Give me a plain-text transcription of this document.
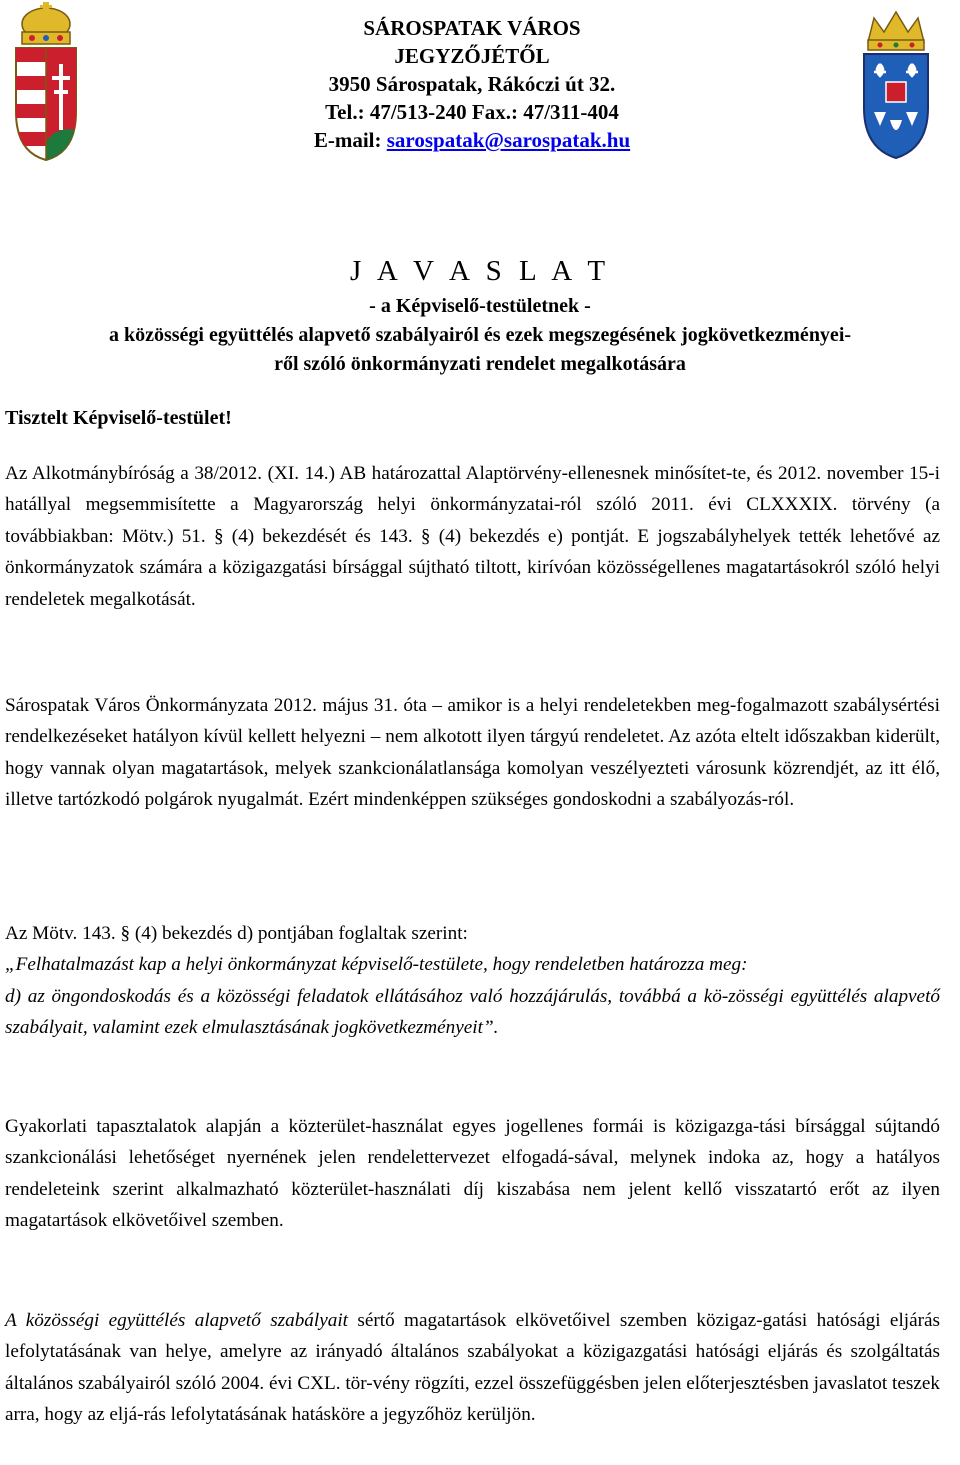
SÁROSPATAK VÁROS
JEGYZŐJÉTŐL
3950 Sárospatak, Rákóczi út 32.
Tel.: 47/513-240 Fax.: 47/311-404
E-mail: sarospatak@sarospatak.hu
J A V A S L A T
- a Képviselő-testületnek -
a közösségi együttélés alapvető szabályairól és ezek megszegésének jogkövetkezményei-
ről szóló önkormányzati rendelet megalkotására
Tisztelt Képviselő-testület!

Az Alkotmánybíróság a 38/2012. (XI. 14.) AB határozattal Alaptörvény-ellenesnek minősítet-te, és 2012. november 15-i hatállyal megsemmisítette a Magyarország helyi önkormányzatai-ról szóló 2011. évi CLXXXIX. törvény (a továbbiakban: Mötv.) 51. § (4) bekezdését és 143. § (4) bekezdés e) pontját. E jogszabályhelyek tették lehetővé az önkormányzatok számára a közigazgatási bírsággal sújtható tiltott, kirívóan közösségellenes magatartásokról szóló helyi rendeletek megalkotását.

Sárospatak Város Önkormányzata 2012. május 31. óta – amikor is a helyi rendeletekben meg-fogalmazott szabálysértési rendelkezéseket hatályon kívül kellett helyezni – nem alkotott ilyen tárgyú rendeletet. Az azóta eltelt időszakban kiderült, hogy vannak olyan magatartások, melyek szankcionálatlansága komolyan veszélyezteti városunk közrendjét, az itt élő, illetve tartózkodó polgárok nyugalmát. Ezért mindenképpen szükséges gondoskodni a szabályozás-ról.

Az Mötv. 143. § (4) bekezdés d) pontjában foglaltak szerint:

„Felhatalmazást kap a helyi önkormányzat képviselő-testülete, hogy rendeletben határozza meg:

d) az öngondoskodás és a közösségi feladatok ellátásához való hozzájárulás, továbbá a kö-zösségi együttélés alapvető szabályait, valamint ezek elmulasztásának jogkövetkezményeit”.

Gyakorlati tapasztalatok alapján a közterület-használat egyes jogellenes formái is közigazga-tási bírsággal sújtandó szankcionálási lehetőséget nyernének jelen rendelettervezet elfogadá-sával, melynek indoka az, hogy a hatályos rendeleteink szerint alkalmazható közterület-használati díj kiszabása nem jelent kellő visszatartó erőt az ilyen magatartások elkövetőivel szemben.

A közösségi együttélés alapvető szabályait sértő magatartások elkövetőivel szemben közigaz-gatási hatósági eljárás lefolytatásának van helye, amelyre az irányadó általános szabályokat a közigazgatási hatósági eljárás és szolgáltatás általános szabályairól szóló 2004. évi CXL. tör-vény rögzíti, ezzel összefüggésben jelen előterjesztésben javaslatot teszek arra, hogy az eljá-rás lefolytatásának hatásköre a jegyzőhöz kerüljön.
